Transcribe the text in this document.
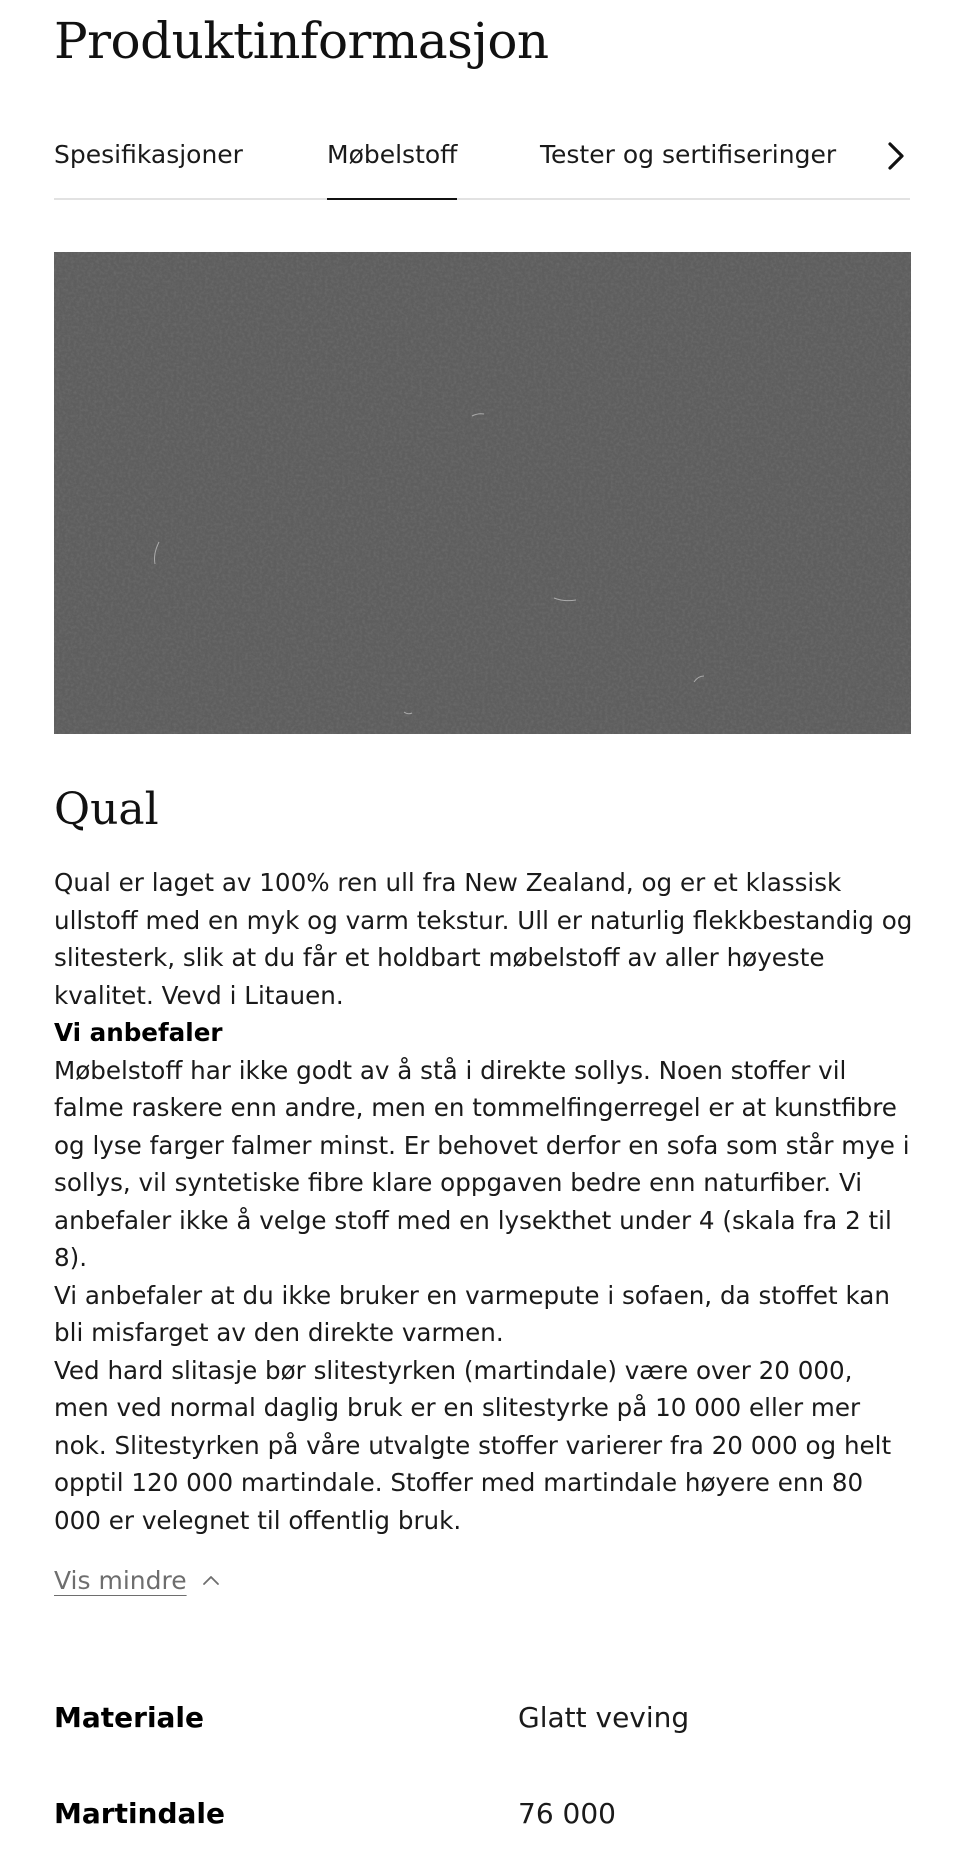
Produktinformasjon
Spesifikasjoner	Møbelstoff	Tester og sertifiseringer
Qual

Qual er laget av 100% ren ull fra New Zealand, og er et klassisk ullstoff med en myk og varm tekstur. Ull er naturlig flekkbestandig og slitesterk, slik at du får et holdbart møbelstoff av aller høyeste kvalitet. Vevd i Litauen.

Vi anbefaler

Møbelstoff har ikke godt av å stå i direkte sollys. Noen stoffer vil falme raskere enn andre, men en tommelfingerregel er at kunstfibre og lyse farger falmer minst. Er behovet derfor en sofa som står mye i sollys, vil syntetiske fibre klare oppgaven bedre enn naturfiber. Vi anbefaler ikke å velge stoff med en lysekthet under 4 (skala fra 2 til 8).

Vi anbefaler at du ikke bruker en varmepute i sofaen, da stoffet kan bli misfarget av den direkte varmen.

Ved hard slitasje bør slitestyrken (martindale) være over 20 000, men ved normal daglig bruk er en slitestyrke på 10 000 eller mer nok. Slitestyrken på våre utvalgte stoffer varierer fra 20 000 og helt opptil 120 000 martindale. Stoffer med martindale høyere enn 80 000 er velegnet til offentlig bruk.

Vis mindre
Materiale	Glatt veving
Martindale	76 000
